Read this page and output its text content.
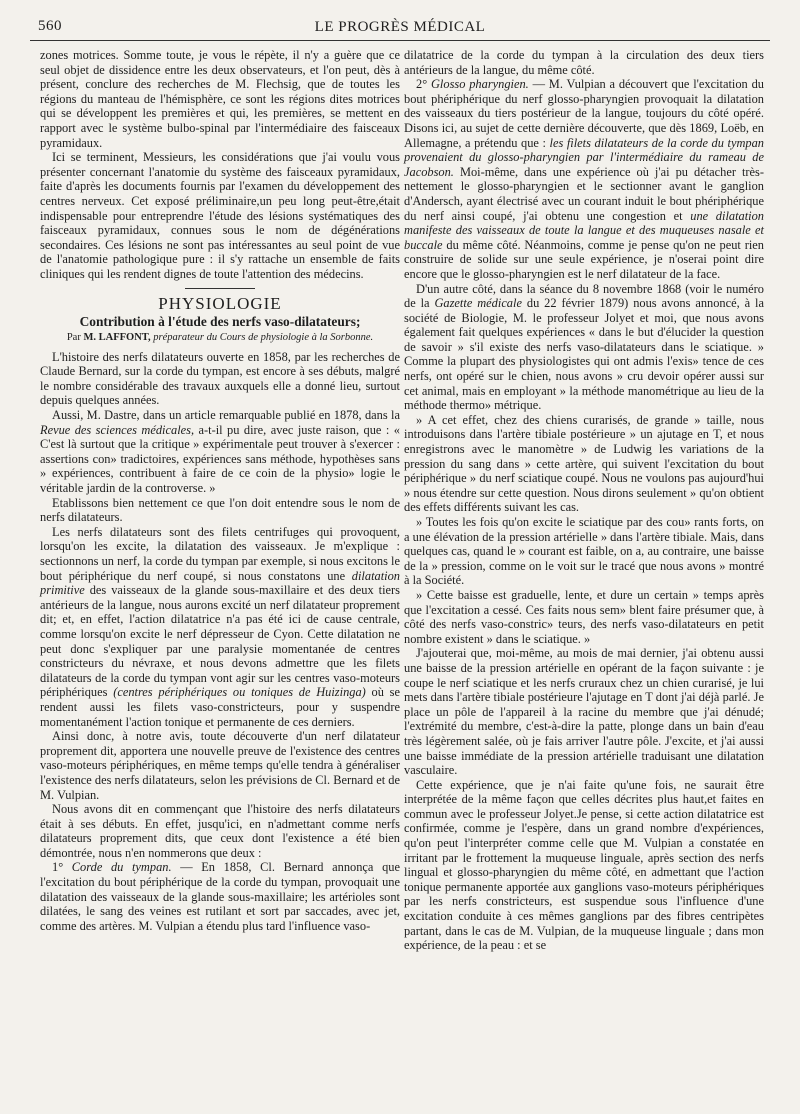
560	LE PROGRÈS MÉDICAL

zones motrices. Somme toute, je vous le répète, il n'y a guère que ce seul objet de dissidence entre les deux observateurs, et l'on peut, dès à présent, conclure des recherches de M. Flechsig, que de toutes les régions du manteau de l'hémisphère, ce sont les régions dites motrices qui se développent les premières et qui, les premières, se mettent en rapport avec le système bulbo-spinal par l'intermédiaire des faisceaux pyramidaux.

Ici se terminent, Messieurs, les considérations que j'ai voulu vous présenter concernant l'anatomie du système des faisceaux pyramidaux, faite d'après les documents fournis par l'examen du développement des centres nerveux. Cet exposé préliminaire,un peu long peut-être,était indispensable pour entreprendre l'étude des lésions systématiques des faisceaux pyramidaux, connues sous le nom de dégénérations secondaires. Ces lésions ne sont pas intéressantes au seul point de vue de l'anatomie pathologique pure : il s'y rattache un ensemble de faits cliniques qui les rendent dignes de toute l'attention des médecins.

PHYSIOLOGIE
Contribution à l'étude des nerfs vaso-dilatateurs;
Par M. LAFFONT, préparateur du Cours de physiologie à la Sorbonne.

L'histoire des nerfs dilatateurs ouverte en 1858, par les recherches de Claude Bernard, sur la corde du tympan, est encore à ses débuts, malgré le nombre considérable des travaux auxquels elle a donné lieu, surtout depuis quelques années.

Aussi, M. Dastre, dans un article remarquable publié en 1878, dans la Revue des sciences médicales, a-t-il pu dire, avec juste raison, que : « C'est là surtout que la critique » expérimentale peut trouver à s'exercer : assertions con» tradictoires, expériences sans méthode, hypothèses sans » expériences, contribuent à faire de ce coin de la physio» logie le véritable jardin de la controverse. »

Etablissons bien nettement ce que l'on doit entendre sous le nom de nerfs dilatateurs.

Les nerfs dilatateurs sont des filets centrifuges qui provoquent, lorsqu'on les excite, la dilatation des vaisseaux. Je m'explique : sectionnons un nerf, la corde du tympan par exemple, si nous excitons le bout périphérique du nerf coupé, si nous constatons une dilatation primitive des vaisseaux de la glande sous-maxillaire et des deux tiers antérieurs de la langue, nous aurons excité un nerf dilatateur proprement dit; et, en effet, l'action dilatatrice n'a pas été ici de cause centrale, comme lorsqu'on excite le nerf dépresseur de Cyon. Cette dilatation ne peut donc s'expliquer par une paralysie momentanée de centres constricteurs du névraxe, et nous devons admettre que les filets dilatateurs de la corde du tympan vont agir sur les centres vaso-moteurs périphériques (centres périphériques ou toniques de Huizinga) où se rendent aussi les filets vaso-constricteurs, pour y suspendre momentanément l'action tonique et permanente de ces derniers.

Ainsi donc, à notre avis, toute découverte d'un nerf dilatateur proprement dit, apportera une nouvelle preuve de l'existence des centres vaso-moteurs périphériques, en même temps qu'elle tendra à généraliser l'existence des nerfs dilatateurs, selon les prévisions de Cl. Bernard et de M. Vulpian.

Nous avons dit en commençant que l'histoire des nerfs dilatateurs était à ses débuts. En effet, jusqu'ici, en n'admettant comme nerfs dilatateurs proprement dits, que ceux dont l'existence a été bien démontrée, nous n'en nommerons que deux :

1° Corde du tympan. — En 1858, Cl. Bernard annonça que l'excitation du bout périphérique de la corde du tympan, provoquait une dilatation des vaisseaux de la glande sous-maxillaire; les artérioles sont dilatées, le sang des veines est rutilant et sort par saccades, avec jet, comme des artères. M. Vulpian a étendu plus tard l'influence vaso-

dilatatrice de la corde du tympan à la circulation des deux tiers antérieurs de la langue, du même côté.

2° Glosso pharyngien. — M. Vulpian a découvert que l'excitation du bout phériphérique du nerf glosso-pharyngien provoquait la dilatation des vaisseaux du tiers postérieur de la langue, toujours du côté opéré. Disons ici, au sujet de cette dernière découverte, que dès 1869, Loëb, en Allemagne, a prétendu que : les filets dilatateurs de la corde du tympan provenaient du glosso-pharyngien par l'intermédiaire du rameau de Jacobson. Moi-même, dans une expérience où j'ai pu détacher très-nettement le glosso-pharyngien et le sectionner avant le ganglion d'Andersch, ayant électrisé avec un courant induit le bout phériphérique du nerf ainsi coupé, j'ai obtenu une congestion et une dilatation manifeste des vaisseaux de toute la langue et des muqueuses nasale et buccale du même côté. Néanmoins, comme je pense qu'on ne peut rien construire de solide sur une seule expérience, je n'oserai point dire encore que le glosso-pharyngien est le nerf dilatateur de la face.

D'un autre côté, dans la séance du 8 novembre 1868 (voir le numéro de la Gazette médicale du 22 février 1879) nous avons annoncé, à la société de Biologie, M. le professeur Jolyet et moi, que nous avons également fait quelques expériences « dans le but d'élucider la question de savoir » s'il existe des nerfs vaso-dilatateurs dans le sciatique. » Comme la plupart des physiologistes qui ont admis l'exis» tence de ces nerfs, ont opéré sur le chien, nous avons » cru devoir opérer aussi sur cet animal, mais en employant » la méthode manométrique au lieu de la méthode thermo» métrique.

» A cet effet, chez des chiens curarisés, de grande » taille, nous introduisons dans l'artère tibiale postérieure » un ajutage en T, et nous enregistrons avec le manomètre » de Ludwig les variations de la pression du sang dans » cette artère, qui suivent l'excitation du bout périphérique » du nerf sciatique coupé. Nous ne voulons pas aujourd'hui » nous étendre sur cette question. Nous dirons seulement » qu'on obtient des effets différents suivant les cas.

» Toutes les fois qu'on excite le sciatique par des cou» rants forts, on a une élévation de la pression artérielle » dans l'artère tibiale. Mais, dans quelques cas, quand le » courant est faible, on a, au contraire, une baisse de la » pression, comme on le voit sur le tracé que nous avons » montré à la Société.

» Cette baisse est graduelle, lente, et dure un certain » temps après que l'excitation a cessé. Ces faits nous sem» blent faire présumer que, à côté des nerfs vaso-constric» teurs, des nerfs vaso-dilatateurs en petit nombre existent » dans le sciatique. »

J'ajouterai que, moi-même, au mois de mai dernier, j'ai obtenu aussi une baisse de la pression artérielle en opérant de la façon suivante : je coupe le nerf sciatique et les nerfs cruraux chez un chien curarisé, je lui mets dans l'artère tibiale postérieure l'ajutage en T dont j'ai déjà parlé. Je place un pôle de l'appareil à la racine du membre que j'ai dénudé; l'extrémité du membre, c'est-à-dire la patte, plonge dans un bain d'eau très légèrement salée, où je fais arriver l'autre pôle. J'excite, et j'ai aussi une baisse immédiate de la pression artérielle traduisant une dilatation vasculaire.

Cette expérience, que je n'ai faite qu'une fois, ne saurait être interprétée de la même façon que celles décrites plus haut,et faites en commun avec le professeur Jolyet.Je pense, si cette action dilatatrice est confirmée, comme je l'espère, dans un grand nombre d'expériences, qu'on peut l'interpréter comme celle que M. Vulpian a constatée en irritant par le frottement la muqueuse linguale, après section des nerfs lingual et glosso-pharyngien du même côté, en admettant que l'action tonique permanente apportée aux ganglions vaso-moteurs périphériques par les nerfs constricteurs, est suspendue sous l'influence d'une excitation conduite à ces mêmes ganglions par des fibres centripètes partant, dans le cas de M. Vulpian, de la muqueuse linguale ; dans mon expérience, de la peau : et se
